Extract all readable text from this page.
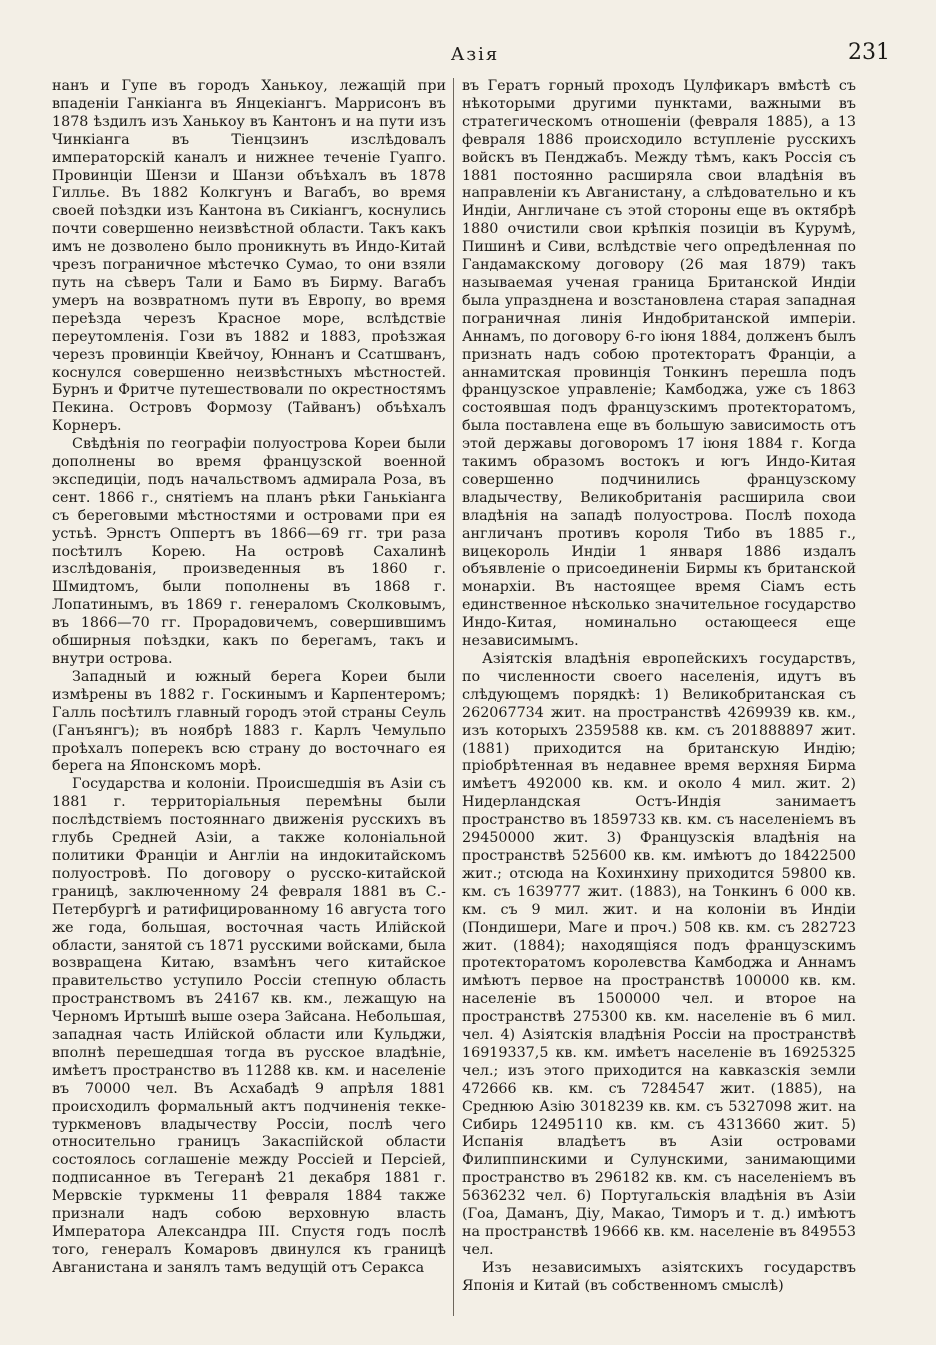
Азія	231

нанъ и Гупе въ городъ Ханькоу, лежащій при впаденіи Ганкіанга въ Янцекіангъ. Маррисонъ въ 1878 ѣздилъ изъ Ханькоу въ Кантонъ и на пути изъ Чинкіанга въ Тіенцзинъ изслѣдовалъ императорскій каналъ и нижнее теченіе Гуапго. Провинціи Шензи и Шанзи объѣхалъ въ 1878 Гиллье. Въ 1882 Колкгунъ и Вагабъ, во время своей поѣздки изъ Кантона въ Сикіангъ, коснулись почти совершенно неизвѣстной области. Такъ какъ имъ не дозволено было проникнуть въ Индо-Китай чрезъ пограничное мѣстечко Сумао, то они взяли путь на сѣверъ Тали и Бамо въ Бирму. Вагабъ умеръ на возвратномъ пути въ Европу, во время переѣзда черезъ Красное море, вслѣдствіе переутомленія. Гози въ 1882 и 1883, проѣзжая черезъ провинціи Квейчоу, Юннанъ и Сcатшванъ, коснулся совершенно неизвѣстныхъ мѣстностей. Бурнъ и Фритче путешествовали по окрестностямъ Пекина. Островъ Формозу (Тайванъ) объѣхалъ Корнеръ.

Свѣдѣнія по географіи полуострова Кореи были дополнены во время французской военной экспедиціи, подъ начальствомъ адмирала Роза, въ сент. 1866 г., снятіемъ на планъ рѣки Ганькіанга съ береговыми мѣстностями и островами при ея устьѣ. Эрнстъ Оппертъ въ 1866—69 гг. три раза посѣтилъ Корею. На островѣ Сахалинѣ изслѣдованія, произведенныя въ 1860 г. Шмидтомъ, были пополнены въ 1868 г. Лопатинымъ, въ 1869 г. генераломъ Сколковымъ, въ 1866—70 гг. Прорадовичемъ, совершившимъ обширныя поѣздки, какъ по берегамъ, такъ и внутри острова.

Западный и южный берега Кореи были измѣрены въ 1882 г. Госкинымъ и Карпентеромъ; Галль посѣтилъ главный городъ этой страны Сеуль (Ганъянгъ); въ ноябрѣ 1883 г. Карлъ Чемульпо проѣхалъ поперекъ всю страну до восточнаго ея берега на Японскомъ морѣ.

Государства и колоніи. Происшедшія въ Азіи съ 1881 г. территоріальныя перемѣны были послѣдствіемъ постояннаго движенія русскихъ въ глубь Средней Азіи, а также колоніальной политики Франціи и Англіи на индокитайскомъ полуостровѣ. По договору о русско-китайской границѣ, заключенному 24 февраля 1881 въ С.-Петербургѣ и ратифицированному 16 августа того же года, большая, восточная часть Илійской области, занятой съ 1871 русскими войсками, была возвращена Китаю, взамѣнъ чего китайское правительство уступило Россіи степную область пространствомъ въ 24167 кв. км., лежащую на Черномъ Иртышѣ выше озера Зайсана. Небольшая, западная часть Илійской области или Кульджи, вполнѣ перешедшая тогда въ русское владѣніе, имѣетъ пространство въ 11288 кв. км. и населеніе въ 70000 чел. Въ Асхабадѣ 9 апрѣля 1881 происходилъ формальный актъ подчиненія текке-туркменовъ владычеству Россіи, послѣ чего относительно границъ Закаспійской области состоялось соглашеніе между Россіей и Персіей, подписанное въ Тегеранѣ 21 декабря 1881 г. Мервскіе туркмены 11 февраля 1884 также признали надъ собою верховную власть Императора Александра III. Спустя годъ послѣ того, генералъ Комаровъ двинулся къ границѣ Авганистана и занялъ тамъ ведущій отъ Серакса

въ Гератъ горный проходъ Цулфикаръ вмѣстѣ съ нѣкоторыми другими пунктами, важными въ стратегическомъ отношеніи (февраля 1885), а 13 февраля 1886 происходило вступленіе русскихъ войскъ въ Пенджабъ. Между тѣмъ, какъ Россія съ 1881 постоянно расширяла свои владѣнія въ направленіи къ Авганистану, а слѣдовательно и къ Индіи, Англичане съ этой стороны еще въ октябрѣ 1880 очистили свои крѣпкія позиціи въ Курумѣ, Пишинѣ и Сиви, вслѣдствіе чего опредѣленная по Гандамакскому договору (26 мая 1879) такъ называемая ученая граница Британской Индіи была упразднена и возстановлена старая западная пограничная линія Индобританской имперіи. Аннамъ, по договору 6-го іюня 1884, долженъ былъ признать надъ собою протекторатъ Франціи, а аннамитская провинція Тонкинъ перешла подъ французское управленіе; Камбоджа, уже съ 1863 состоявшая подъ французскимъ протекторатомъ, была поставлена еще въ большую зависимость отъ этой державы договоромъ 17 іюня 1884 г. Когда такимъ образомъ востокъ и югъ Индо-Китая совершенно подчинились французскому владычеству, Великобританія расширила свои владѣнія на западѣ полуострова. Послѣ похода англичанъ противъ короля Тибо въ 1885 г., вицекороль Индіи 1 января 1886 издалъ объявленіе о присоединеніи Бирмы къ британской монархіи. Въ настоящее время Сіамъ есть единственное нѣсколько значительное государство Индо-Китая, номинально остающееся еще независимымъ.

Азіятскія владѣнія европейскихъ государствъ, по численности своего населенія, идутъ въ слѣдующемъ порядкѣ: 1) Великобританская съ 262067734 жит. на пространствѣ 4269939 кв. км., изъ которыхъ 2359588 кв. км. съ 201888897 жит. (1881) приходится на британскую Индію; пріобрѣтенная въ недавнее время верхняя Бирма имѣетъ 492000 кв. км. и около 4 мил. жит. 2) Нидерландская Остъ-Индія занимаетъ пространство въ 1859733 кв. км. съ населеніемъ въ 29450000 жит. 3) Французскія владѣнія на пространствѣ 525600 кв. км. имѣютъ до 18422500 жит.; отсюда на Кохинхину приходится 59800 кв. км. съ 1639777 жит. (1883), на Тонкинъ 6 000 кв. км. съ 9 мил. жит. и на колоніи въ Индіи (Пондишери, Маге и проч.) 508 кв. км. съ 282723 жит. (1884); находящіяся подъ французскимъ протекторатомъ королевства Камбоджа и Аннамъ имѣютъ первое на пространствѣ 100000 кв. км. населеніе въ 1500000 чел. и второе на пространствѣ 275300 кв. км. населеніе въ 6 мил. чел. 4) Азіятскія владѣнія Россіи на пространствѣ 16919337,5 кв. км. имѣетъ населеніе въ 16925325 чел.; изъ этого приходится на кавказскія земли 472666 кв. км. съ 7284547 жит. (1885), на Среднюю Азію 3018239 кв. км. съ 5327098 жит. на Сибирь 12495110 кв. км. съ 4313660 жит. 5) Испанія владѣетъ въ Азіи островами Филиппинскими и Сулунскими, занимающими пространство въ 296182 кв. км. съ населеніемъ въ 5636232 чел. 6) Португальскія владѣнія въ Азіи (Гоа, Даманъ, Діу, Макао, Тиморъ и т. д.) имѣютъ на пространствѣ 19666 кв. км. населеніе въ 849553 чел.

Изъ независимыхъ азіятскихъ государствъ Японія и Китай (въ собственномъ смыслѣ)
